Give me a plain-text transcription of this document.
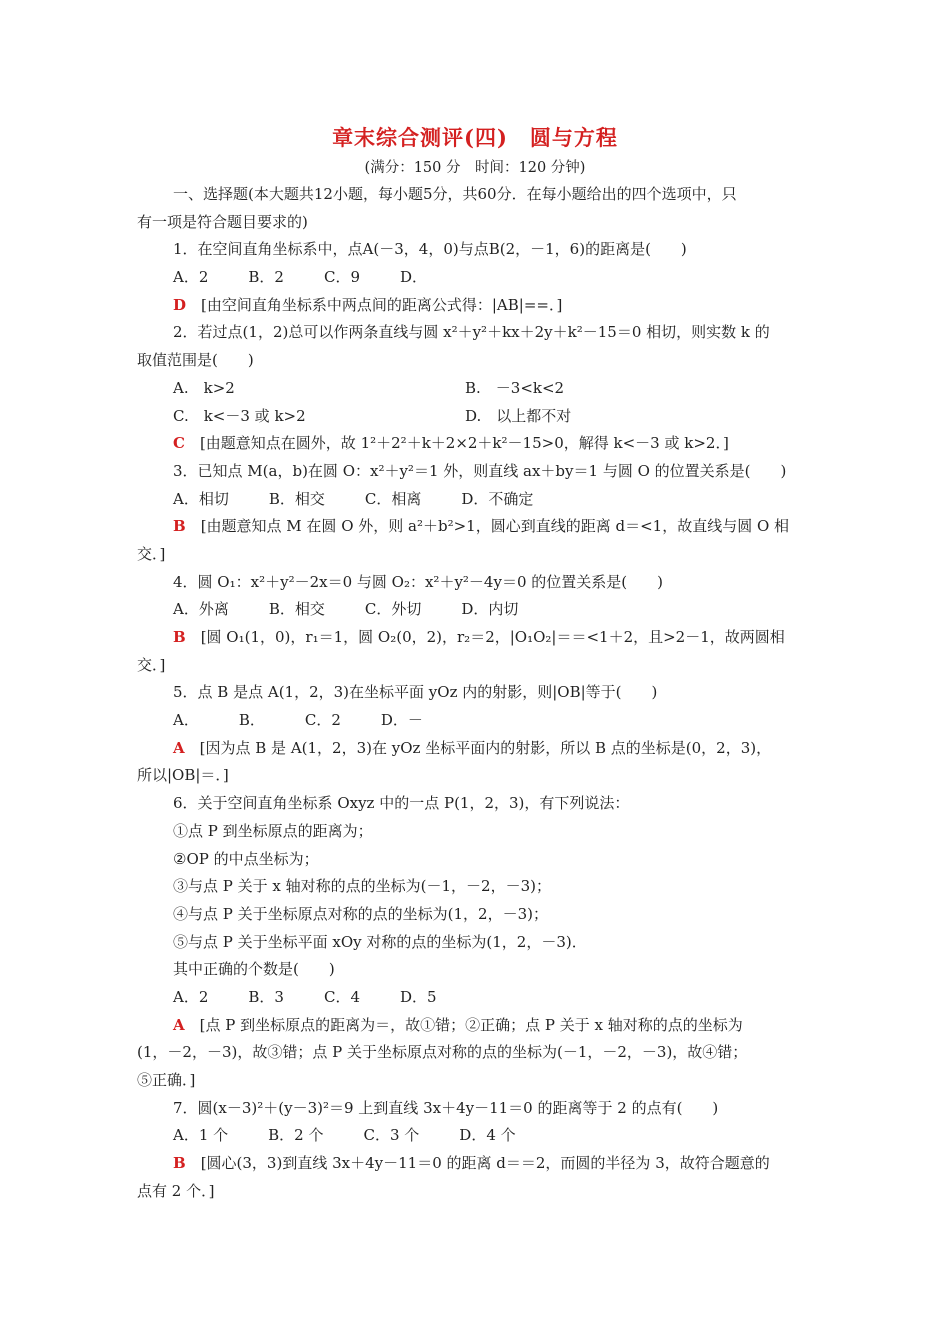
章末综合测评(四)　圆与方程
(满分：150 分　时间：120 分钟)
一、选择题(本大题共12小题，每小题5分，共60分．在每小题给出的四个选项中，只
有一项是符合题目要求的)
1．在空间直角坐标系中，点A(－3，4，0)与点B(2，－1，6)的距离是(　　)
A．2	B．2	C．9	D．
D　[由空间直角坐标系中两点间的距离公式得：|AB|==．]
2．若过点(1，2)总可以作两条直线与圆 x²＋y²＋kx＋2y＋k²－15＝0 相切，则实数 k 的
取值范围是(　　)
A.　k>2	B.　－3<k<2
C.　k<－3 或 k>2	D.　以上都不对
C　[由题意知点在圆外，故 1²＋2²＋k＋2×2＋k²－15>0，解得 k<－3 或 k>2．]
3．已知点 M(a，b)在圆 O：x²＋y²＝1 外，则直线 ax＋by＝1 与圆 O 的位置关系是(　　)
A．相切	B．相交	C．相离	D．不确定
B　[由题意知点 M 在圆 O 外，则 a²＋b²>1，圆心到直线的距离 d＝<1，故直线与圆 O 相
交．]
4．圆 O₁：x²＋y²－2x＝0 与圆 O₂：x²＋y²－4y＝0 的位置关系是(　　)
A．外离	B．相交	C．外切	D．内切
B　[圆 O₁(1，0)，r₁＝1，圆 O₂(0，2)，r₂＝2，|O₁O₂|＝＝<1＋2，且>2－1，故两圆相
交．]
5．点 B 是点 A(1，2，3)在坐标平面 yOz 内的射影，则|OB|等于(　　)
A．	B．	C．2	D．－
A　[因为点 B 是 A(1，2，3)在 yOz 坐标平面内的射影，所以 B 点的坐标是(0，2，3)，
所以|OB|＝．]
6．关于空间直角坐标系 Oxyz 中的一点 P(1，2，3)，有下列说法：
①点 P 到坐标原点的距离为；
②OP 的中点坐标为；
③与点 P 关于 x 轴对称的点的坐标为(－1，－2，－3)；
④与点 P 关于坐标原点对称的点的坐标为(1，2，－3)；
⑤与点 P 关于坐标平面 xOy 对称的点的坐标为(1，2，－3)．
其中正确的个数是(　　)
A．2	B．3	C．4	D．5
A　[点 P 到坐标原点的距离为＝，故①错；②正确；点 P 关于 x 轴对称的点的坐标为
(1，－2，－3)，故③错；点 P 关于坐标原点对称的点的坐标为(－1，－2，－3)，故④错；
⑤正确．]
7．圆(x－3)²＋(y－3)²＝9 上到直线 3x＋4y－11＝0 的距离等于 2 的点有(　　)
A．1 个	B．2 个	C．3 个	D．4 个
B　[圆心(3，3)到直线 3x＋4y－11＝0 的距离 d＝＝2，而圆的半径为 3，故符合题意的
点有 2 个．]
